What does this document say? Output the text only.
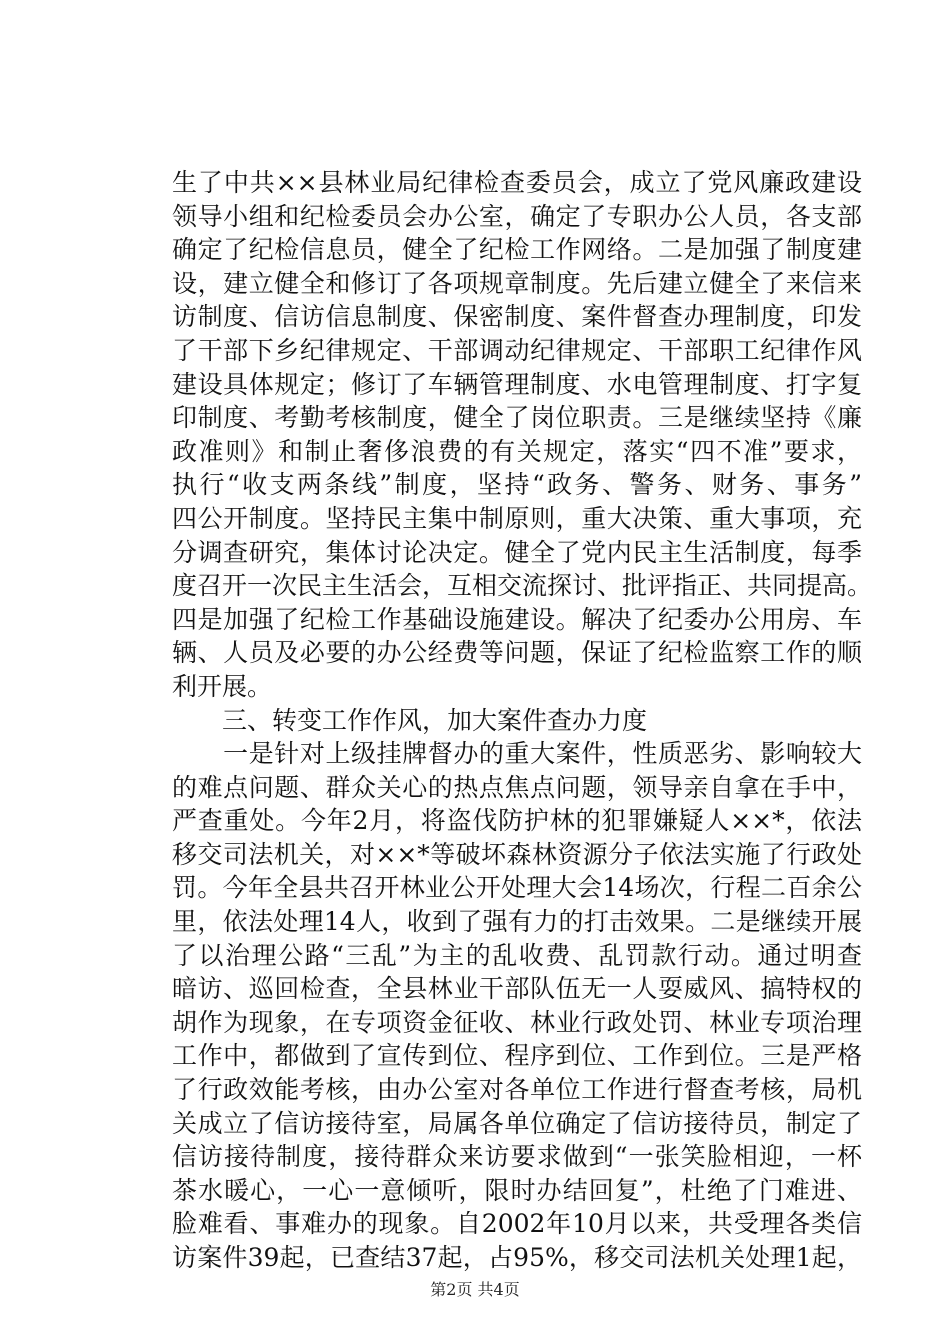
生了中共××县林业局纪律检查委员会，成立了党风廉政建设
领导小组和纪检委员会办公室，确定了专职办公人员，各支部
确定了纪检信息员，健全了纪检工作网络。二是加强了制度建
设，建立健全和修订了各项规章制度。先后建立健全了来信来
访制度、信访信息制度、保密制度、案件督查办理制度，印发
了干部下乡纪律规定、干部调动纪律规定、干部职工纪律作风
建设具体规定；修订了车辆管理制度、水电管理制度、打字复
印制度、考勤考核制度，健全了岗位职责。三是继续坚持《廉
政准则》和制止奢侈浪费的有关规定，落实“四不准”要求，
执行“收支两条线”制度，坚持“政务、警务、财务、事务”
四公开制度。坚持民主集中制原则，重大决策、重大事项，充
分调查研究，集体讨论决定。健全了党内民主生活制度，每季
度召开一次民主生活会，互相交流探讨、批评指正、共同提高。
四是加强了纪检工作基础设施建设。解决了纪委办公用房、车
辆、人员及必要的办公经费等问题，保证了纪检监察工作的顺
利开展。
　　三、转变工作作风，加大案件查办力度
　　一是针对上级挂牌督办的重大案件，性质恶劣、影响较大
的难点问题、群众关心的热点焦点问题，领导亲自拿在手中，
严查重处。今年2月，将盗伐防护林的犯罪嫌疑人××*，依法
移交司法机关，对××*等破坏森林资源分子依法实施了行政处
罚。今年全县共召开林业公开处理大会14场次，行程二百余公
里，依法处理14人，收到了强有力的打击效果。二是继续开展
了以治理公路“三乱”为主的乱收费、乱罚款行动。通过明查
暗访、巡回检查，全县林业干部队伍无一人耍威风、搞特权的
胡作为现象，在专项资金征收、林业行政处罚、林业专项治理
工作中，都做到了宣传到位、程序到位、工作到位。三是严格
了行政效能考核，由办公室对各单位工作进行督查考核，局机
关成立了信访接待室，局属各单位确定了信访接待员，制定了
信访接待制度，接待群众来访要求做到“一张笑脸相迎，一杯
茶水暖心，一心一意倾听，限时办结回复”，杜绝了门难进、
脸难看、事难办的现象。自2002年10月以来，共受理各类信
访案件39起，已查结37起，占95%，移交司法机关处理1起，
第2页 共4页
